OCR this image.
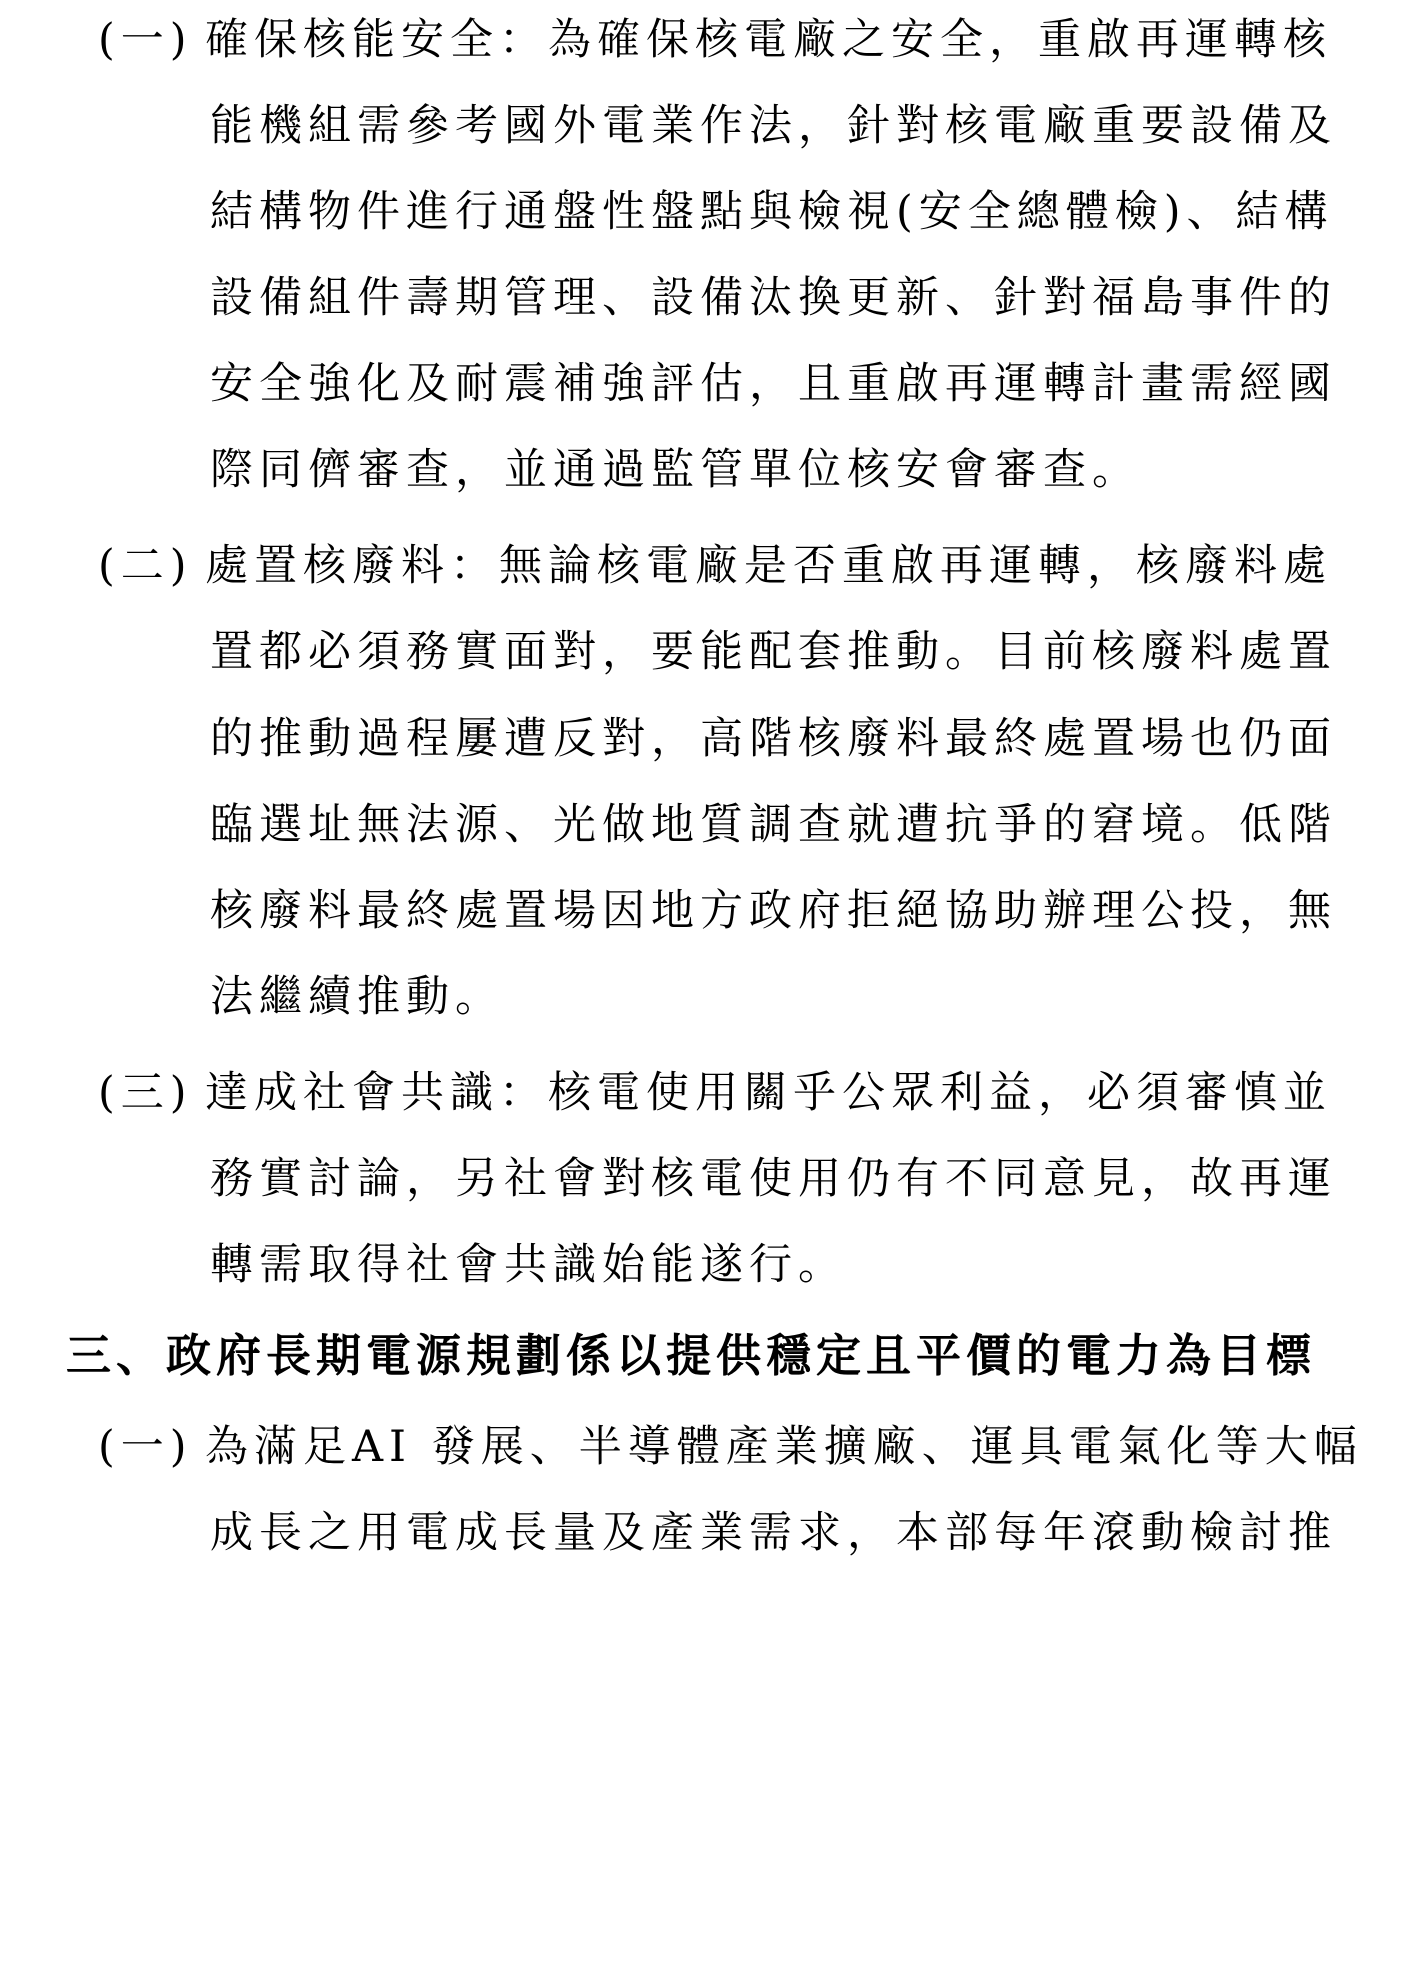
(一) 確保核能安全：為確保核電廠之安全，重啟再運轉核
能機組需參考國外電業作法，針對核電廠重要設備及
結構物件進行通盤性盤點與檢視(安全總體檢)、結構
設備組件壽期管理、設備汰換更新、針對福島事件的
安全強化及耐震補強評估，且重啟再運轉計畫需經國
際同儕審查，並通過監管單位核安會審查。
(二) 處置核廢料：無論核電廠是否重啟再運轉，核廢料處
置都必須務實面對，要能配套推動。目前核廢料處置
的推動過程屢遭反對，高階核廢料最終處置場也仍面
臨選址無法源、光做地質調查就遭抗爭的窘境。低階
核廢料最終處置場因地方政府拒絕協助辦理公投，無
法繼續推動。
(三) 達成社會共識：核電使用關乎公眾利益，必須審慎並
務實討論，另社會對核電使用仍有不同意見，故再運
轉需取得社會共識始能遂行。
三、政府長期電源規劃係以提供穩定且平價的電力為目標
(一) 為滿足AI 發展、半導體產業擴廠、運具電氣化等大幅
成長之用電成長量及產業需求，本部每年滾動檢討推
